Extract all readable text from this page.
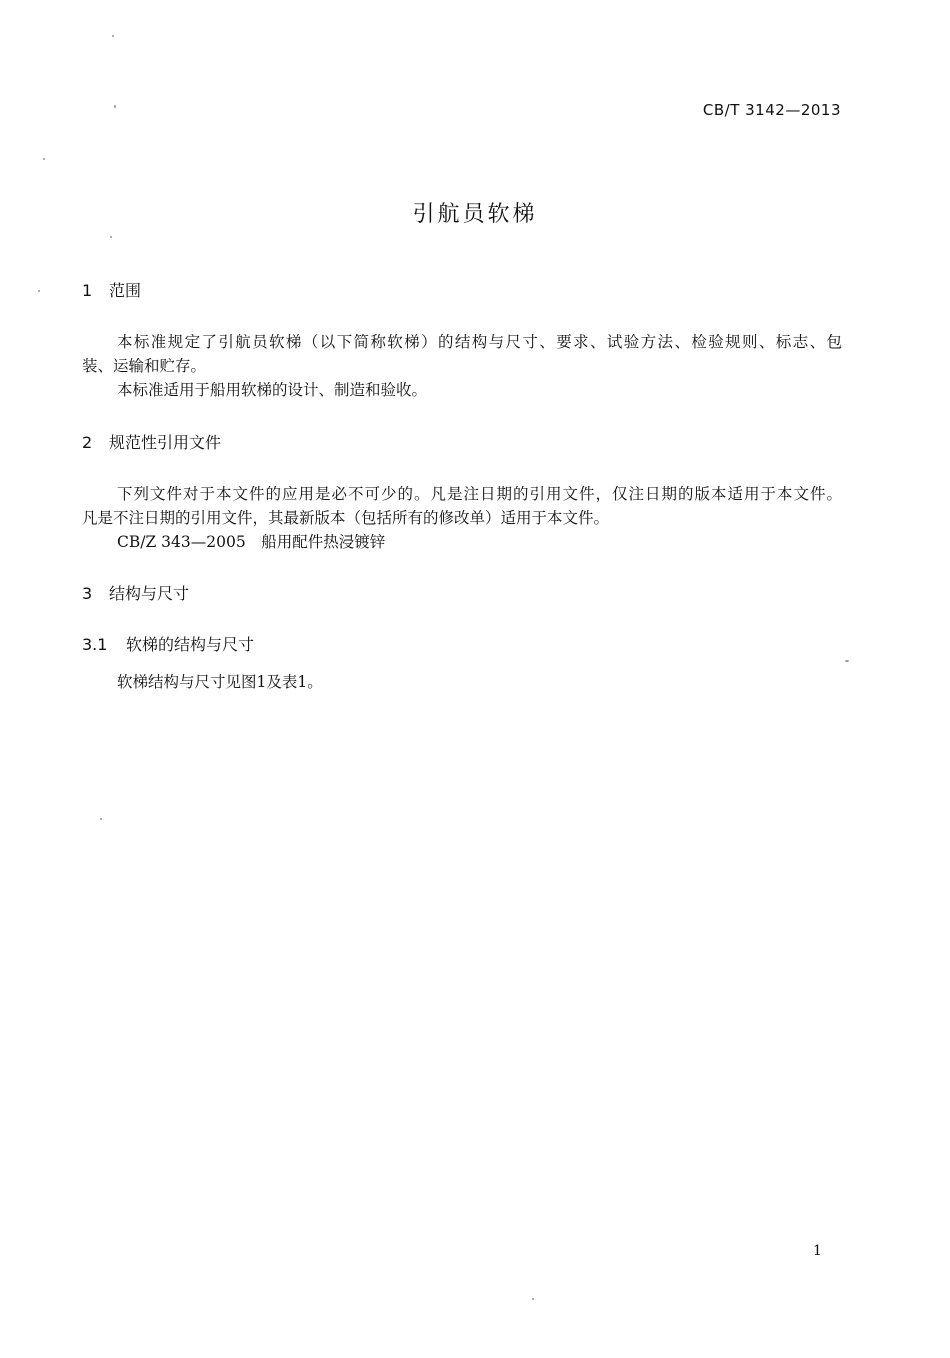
CB/T 3142—2013
引航员软梯
1 范围
本标准规定了引航员软梯（以下简称软梯）的结构与尺寸、要求、试验方法、检验规则、标志、包
装、运输和贮存。
本标准适用于船用软梯的设计、制造和验收。
2 规范性引用文件
下列文件对于本文件的应用是必不可少的。凡是注日期的引用文件，仅注日期的版本适用于本文件。
凡是不注日期的引用文件，其最新版本（包括所有的修改单）适用于本文件。
CB/Z 343—2005　船用配件热浸镀锌
3 结构与尺寸
3.1 软梯的结构与尺寸
软梯结构与尺寸见图1及表1。
1
